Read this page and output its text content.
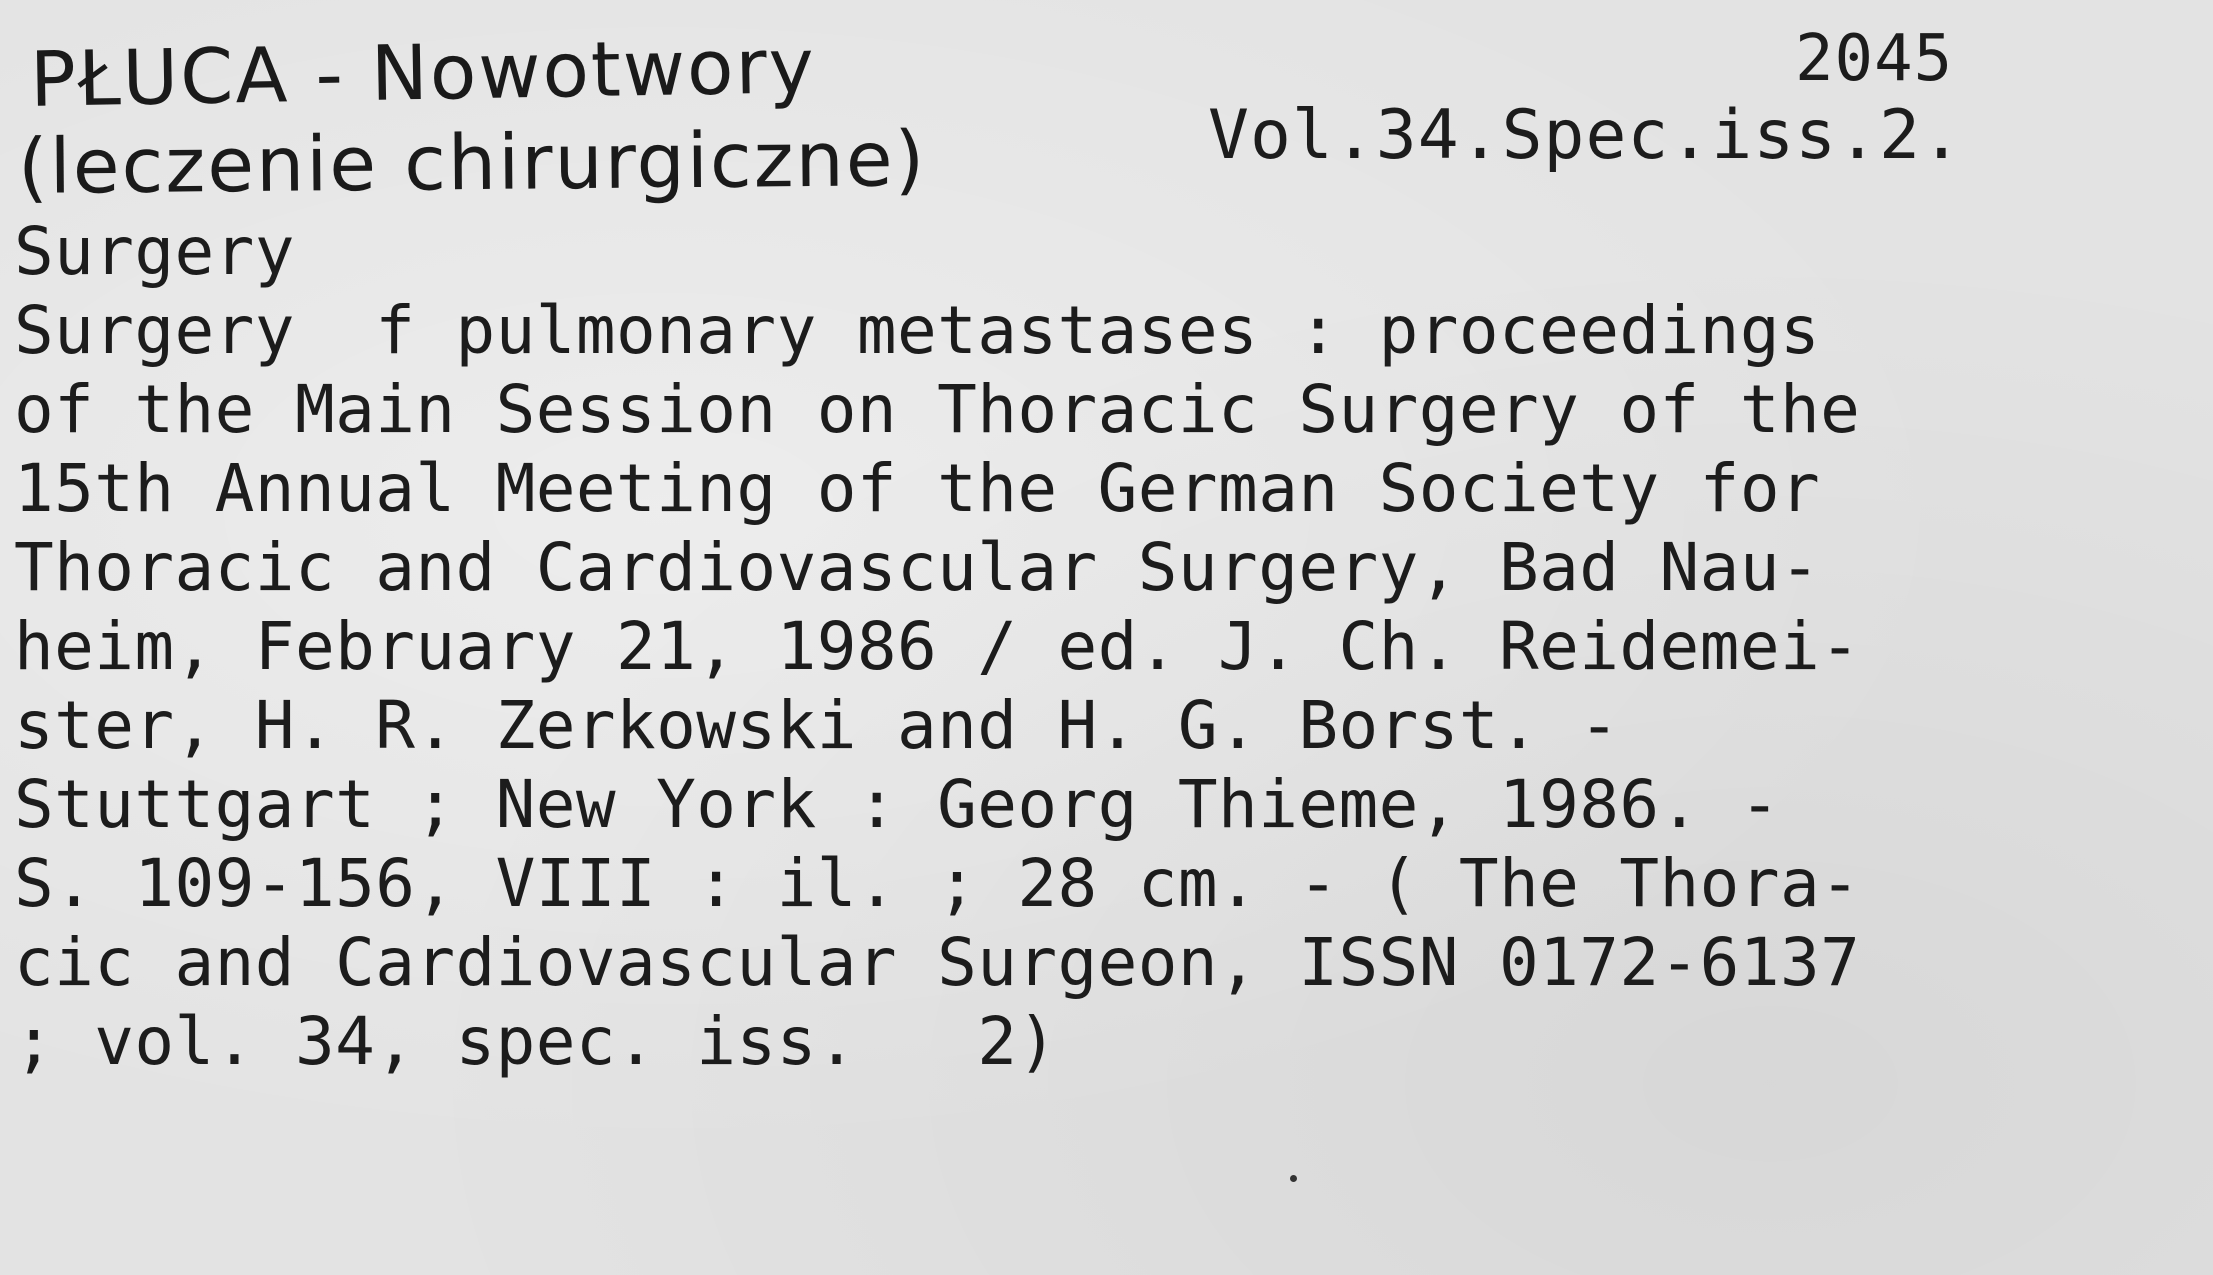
PŁUCA - Nowotwory
(leczenie chirurgiczne)
2045
Vol.34.Spec.iss.2.
Surgery
Surgery  f pulmonary metastases : proceedings
of the Main Session on Thoracic Surgery of the
15th Annual Meeting of the German Society for
Thoracic and Cardiovascular Surgery, Bad Nau-
heim, February 21, 1986 / ed. J. Ch. Reidemei-
ster, H. R. Zerkowski and H. G. Borst. -
Stuttgart ; New York : Georg Thieme, 1986. -
S. 109-156, VIII : il. ; 28 cm. - ( The Thora-
cic and Cardiovascular Surgeon, ISSN 0172-6137
; vol. 34, spec. iss.   2)
